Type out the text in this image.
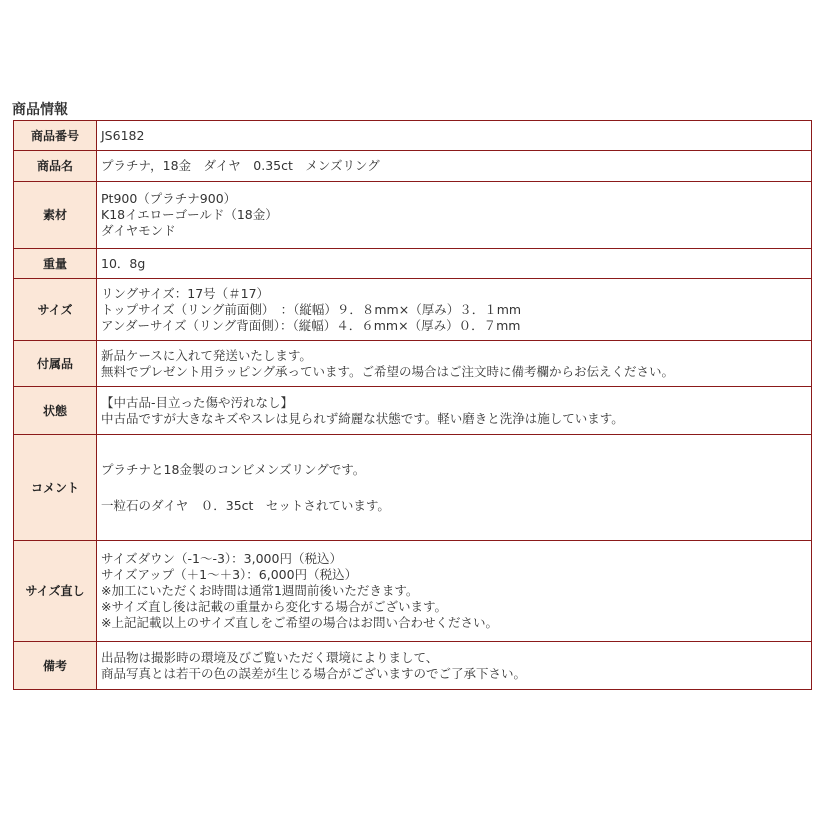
商品情報
商品番号	JS6182

商品名	プラチナ，18金　ダイヤ　0.35ct　メンズリング

素材	Pt900（プラチナ900）
K18イエローゴールド（18金）
ダイヤモンド

重量	10．8g

サイズ	リングサイズ：17号（＃17）
トップサイズ（リング前面側）　：（縦幅）９．８mm×（厚み）３．１mm
アンダーサイズ（リング背面側）：（縦幅）４．６mm×（厚み）０．７mm

付属品	新品ケースに入れて発送いたします。
無料でプレゼント用ラッピング承っています。ご希望の場合はご注文時に備考欄からお伝えください。

状態	【中古品‐目立った傷や汚れなし】
中古品ですが大きなキズやスレは見られず綺麗な状態です。軽い磨きと洗浄は施しています。

コメント	プラチナと18金製のコンビメンズリングです。
一粒石のダイヤ　０．35ct　セットされています。

サイズ直し	サイズダウン（‐1～‐3）：3,000円（税込）
サイズアップ（＋1～＋3）：6,000円（税込）
※加工にいただくお時間は通常1週間前後いただきます。
※サイズ直し後は記載の重量から変化する場合がございます。
※上記記載以上のサイズ直しをご希望の場合はお問い合わせください。

備考	出品物は撮影時の環境及びご覧いただく環境によりまして、
商品写真とは若干の色の誤差が生じる場合がございますのでご了承下さい。
